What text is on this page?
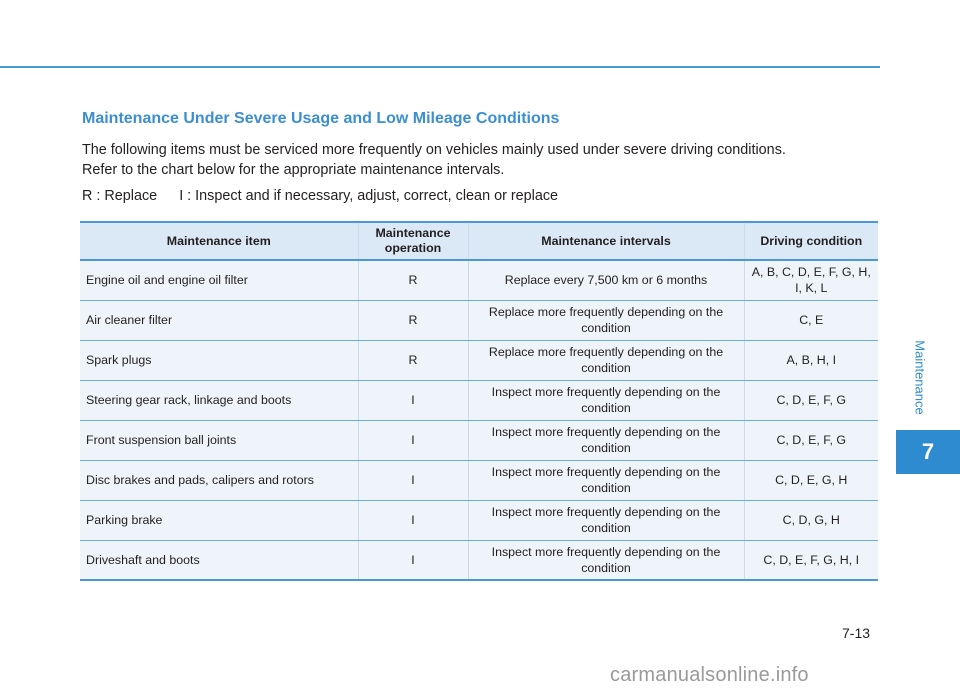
Maintenance
7
Maintenance Under Severe Usage and Low Mileage Conditions
The following items must be serviced more frequently on vehicles mainly used under severe driving conditions.
Refer to the chart below for the appropriate maintenance intervals.
R : Replace I : Inspect and if necessary, adjust, correct, clean or replace
Maintenance item	Maintenance operation	Maintenance intervals	Driving condition
Engine oil and engine oil filter	R	Replace every 7,500 km or 6 months	A, B, C, D, E, F, G, H, I, K, L
Air cleaner filter	R	Replace more frequently depending on the condition	C, E
Spark plugs	R	Replace more frequently depending on the condition	A, B, H, I
Steering gear rack, linkage and boots	I	Inspect more frequently depending on the condition	C, D, E, F, G
Front suspension ball joints	I	Inspect more frequently depending on the condition	C, D, E, F, G
Disc brakes and pads, calipers and rotors	I	Inspect more frequently depending on the condition	C, D, E, G, H
Parking brake	I	Inspect more frequently depending on the condition	C, D, G, H
Driveshaft and boots	I	Inspect more frequently depending on the condition	C, D, E, F, G, H, I
7-13
carmanualsonline.info
